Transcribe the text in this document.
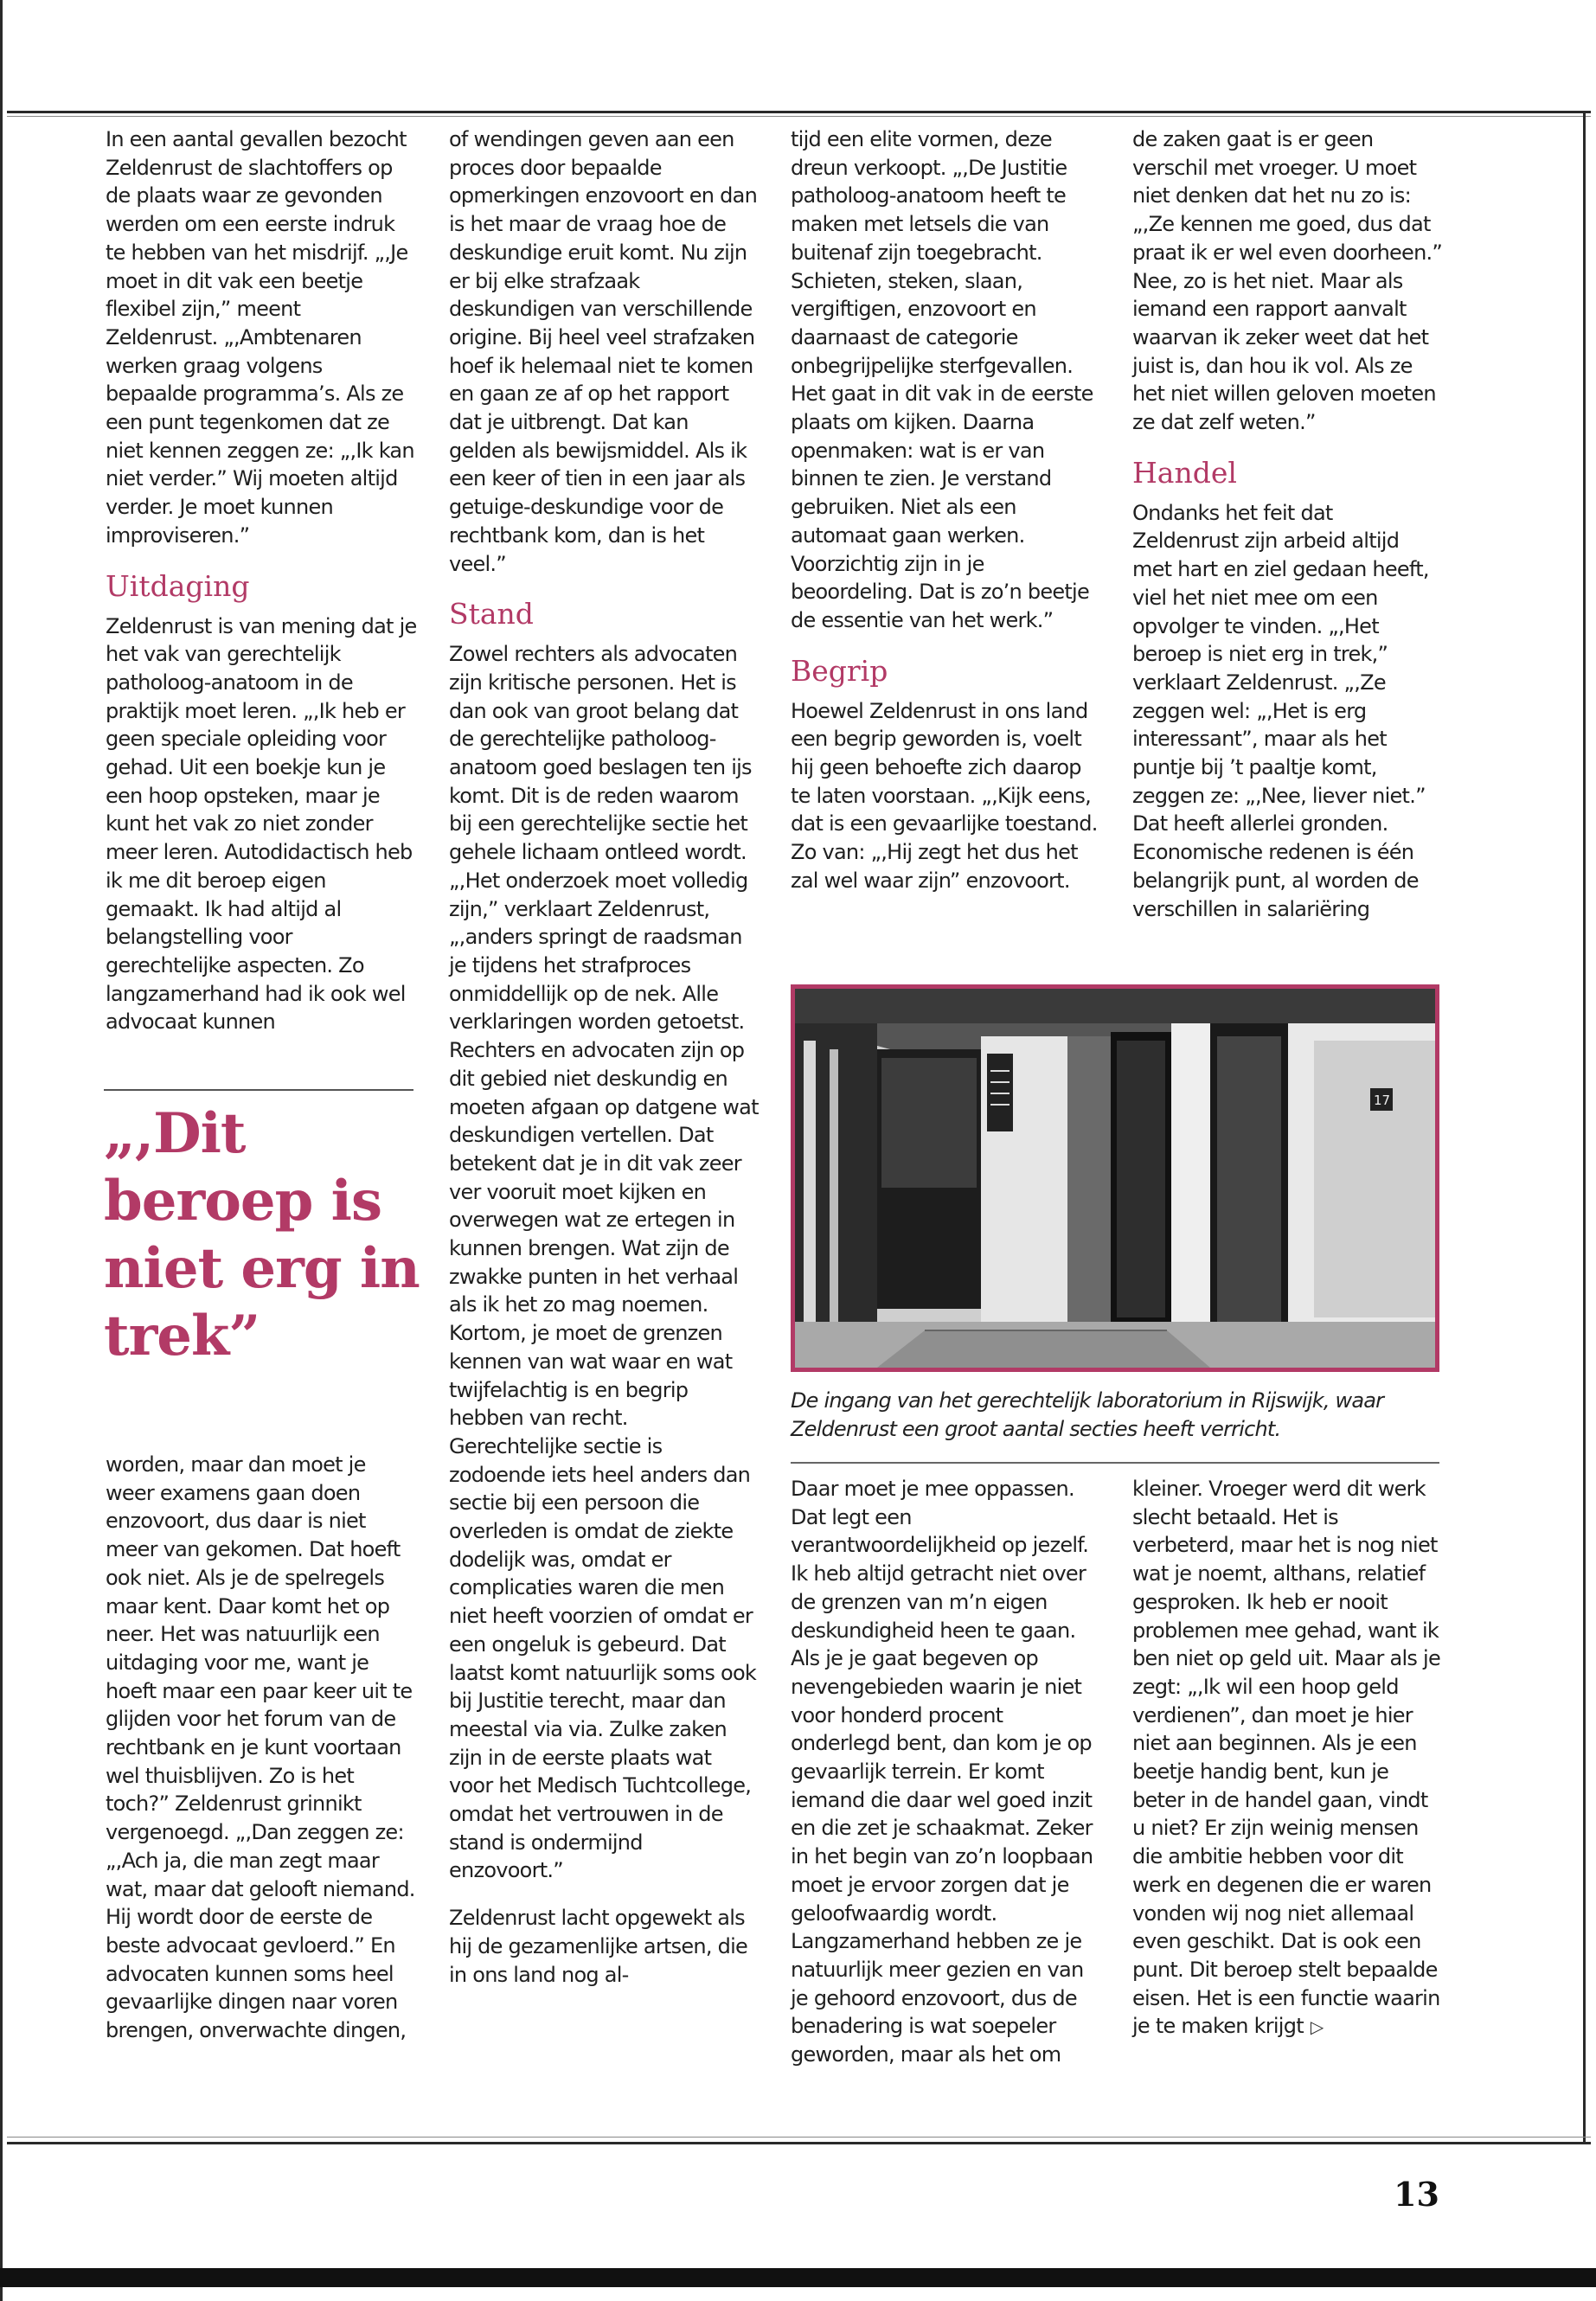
In een aantal gevallen bezocht Zeldenrust de slachtoffers op de plaats waar ze gevonden werden om een eerste indruk te hebben van het misdrijf. „,Je moet in dit vak een beetje flexibel zijn,” meent Zeldenrust. „,Ambtenaren werken graag volgens bepaalde programma’s. Als ze een punt tegenkomen dat ze niet kennen zeggen ze: „,Ik kan niet verder.” Wij moeten altijd verder. Je moet kunnen improviseren.”

Uitdaging

Zeldenrust is van mening dat je het vak van gerechtelijk patholoog-anatoom in de praktijk moet leren. „,Ik heb er geen speciale opleiding voor gehad. Uit een boekje kun je een hoop opsteken, maar je kunt het vak zo niet zonder meer leren. Autodidactisch heb ik me dit beroep eigen gemaakt. Ik had altijd al belangstelling voor gerechtelijke aspecten. Zo langzamerhand had ik ook wel advocaat kunnen

„,Dit beroep is niet erg in trek”

worden, maar dan moet je weer examens gaan doen enzovoort, dus daar is niet meer van gekomen. Dat hoeft ook niet. Als je de spelregels maar kent. Daar komt het op neer. Het was natuurlijk een uitdaging voor me, want je hoeft maar een paar keer uit te glijden voor het forum van de rechtbank en je kunt voortaan wel thuisblijven. Zo is het toch?” Zeldenrust grinnikt vergenoegd. „,Dan zeggen ze: „,Ach ja, die man zegt maar wat, maar dat gelooft niemand. Hij wordt door de eerste de beste advocaat gevloerd.” En advocaten kunnen soms heel gevaarlijke dingen naar voren brengen, onverwachte dingen,

of wendingen geven aan een proces door bepaalde opmerkingen enzovoort en dan is het maar de vraag hoe de deskundige eruit komt. Nu zijn er bij elke strafzaak deskundigen van verschillende origine. Bij heel veel strafzaken hoef ik helemaal niet te komen en gaan ze af op het rapport dat je uitbrengt. Dat kan gelden als bewijsmiddel. Als ik een keer of tien in een jaar als getuige-deskundige voor de rechtbank kom, dan is het veel.”

Stand

Zowel rechters als advocaten zijn kritische personen. Het is dan ook van groot belang dat de gerechtelijke patholoog-anatoom goed beslagen ten ijs komt. Dit is de reden waarom bij een gerechtelijke sectie het gehele lichaam ontleed wordt. „,Het onderzoek moet volledig zijn,” verklaart Zeldenrust, „,anders springt de raadsman je tijdens het strafproces onmiddellijk op de nek. Alle verklaringen worden getoetst. Rechters en advocaten zijn op dit gebied niet deskundig en moeten afgaan op datgene wat deskundigen vertellen. Dat betekent dat je in dit vak zeer ver vooruit moet kijken en overwegen wat ze ertegen in kunnen brengen. Wat zijn de zwakke punten in het verhaal als ik het zo mag noemen. Kortom, je moet de grenzen kennen van wat waar en wat twijfelachtig is en begrip hebben van recht. Gerechtelijke sectie is zodoende iets heel anders dan sectie bij een persoon die overleden is omdat de ziekte dodelijk was, omdat er complicaties waren die men niet heeft voorzien of omdat er een ongeluk is gebeurd. Dat laatst komt natuurlijk soms ook bij Justitie terecht, maar dan meestal via via. Zulke zaken zijn in de eerste plaats wat voor het Medisch Tuchtcollege, omdat het vertrouwen in de stand is ondermijnd enzovoort.”

Zeldenrust lacht opgewekt als hij de gezamenlijke artsen, die in ons land nog al-

tijd een elite vormen, deze dreun verkoopt. „,De Justitie patholoog-anatoom heeft te maken met letsels die van buitenaf zijn toegebracht. Schieten, steken, slaan, vergiftigen, enzovoort en daarnaast de categorie onbegrijpelijke sterfgevallen. Het gaat in dit vak in de eerste plaats om kijken. Daarna openmaken: wat is er van binnen te zien. Je verstand gebruiken. Niet als een automaat gaan werken. Voorzichtig zijn in je beoordeling. Dat is zo’n beetje de essentie van het werk.”

Begrip

Hoewel Zeldenrust in ons land een begrip geworden is, voelt hij geen behoefte zich daarop te laten voorstaan. „,Kijk eens, dat is een gevaarlijke toestand. Zo van: „,Hij zegt het dus het zal wel waar zijn” enzovoort.

Daar moet je mee oppassen. Dat legt een verantwoordelijkheid op jezelf. Ik heb altijd getracht niet over de grenzen van m’n eigen deskundigheid heen te gaan. Als je je gaat begeven op nevengebieden waarin je niet voor honderd procent onderlegd bent, dan kom je op gevaarlijk terrein. Er komt iemand die daar wel goed inzit en die zet je schaakmat. Zeker in het begin van zo’n loopbaan moet je ervoor zorgen dat je geloofwaardig wordt. Langzamerhand hebben ze je natuurlijk meer gezien en van je gehoord enzovoort, dus de benadering is wat soepeler geworden, maar als het om

de zaken gaat is er geen verschil met vroeger. U moet niet denken dat het nu zo is: „,Ze kennen me goed, dus dat praat ik er wel even doorheen.” Nee, zo is het niet. Maar als iemand een rapport aanvalt waarvan ik zeker weet dat het juist is, dan hou ik vol. Als ze het niet willen geloven moeten ze dat zelf weten.”

Handel

Ondanks het feit dat Zeldenrust zijn arbeid altijd met hart en ziel gedaan heeft, viel het niet mee om een opvolger te vinden. „,Het beroep is niet erg in trek,” verklaart Zeldenrust. „,Ze zeggen wel: „,Het is erg interessant”, maar als het puntje bij ’t paaltje komt, zeggen ze: „,Nee, liever niet.” Dat heeft allerlei gronden. Economische redenen is één belangrijk punt, al worden de verschillen in salariëring

kleiner. Vroeger werd dit werk slecht betaald. Het is verbeterd, maar het is nog niet wat je noemt, althans, relatief gesproken. Ik heb er nooit problemen mee gehad, want ik ben niet op geld uit. Maar als je zegt: „,Ik wil een hoop geld verdienen”, dan moet je hier niet aan beginnen. Als je een beetje handig bent, kun je beter in de handel gaan, vindt u niet? Er zijn weinig mensen die ambitie hebben voor dit werk en degenen die er waren vonden wij nog niet allemaal even geschikt. Dat is ook een punt. Dit beroep stelt bepaalde eisen. Het is een functie waarin je te maken krijgt ▷

17
De ingang van het gerechtelijk laboratorium in Rijswijk, waar Zeldenrust een groot aantal secties heeft verricht.
13
